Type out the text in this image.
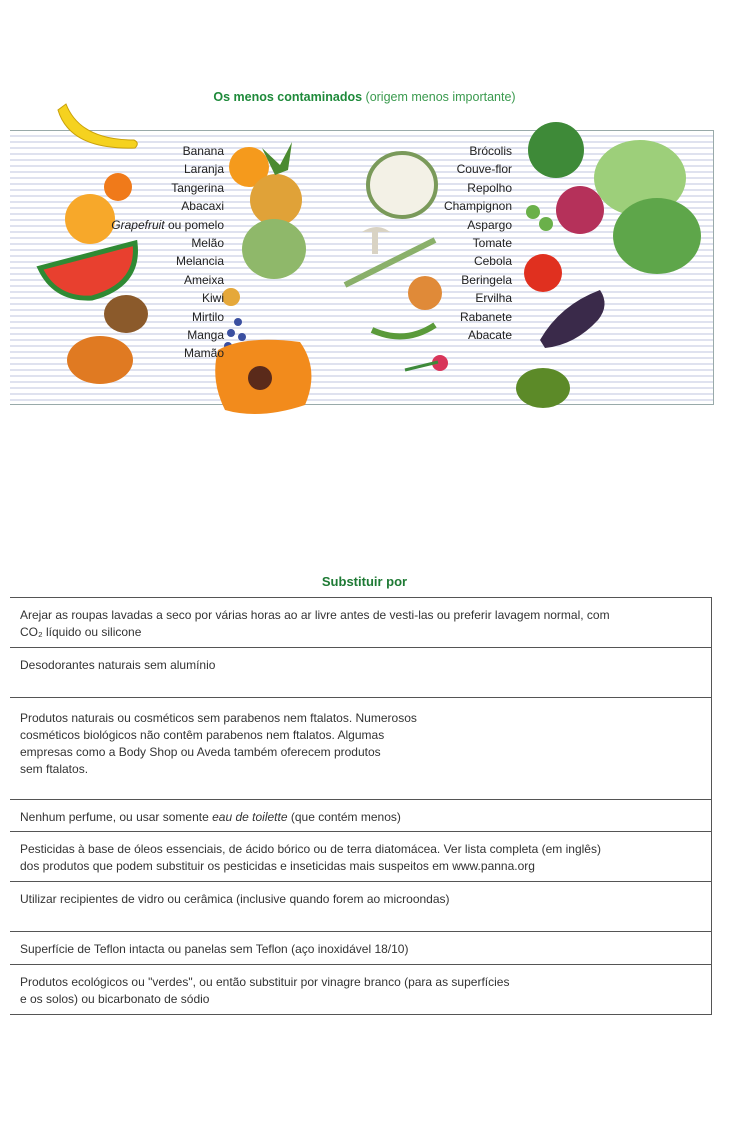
Os menos contaminados (origem menos importante)
Banana
Laranja
Tangerina
Abacaxi
Grapefruit ou pomelo
Melão
Melancia
Ameixa
Kiwi
Mirtilo
Manga
Mamão
Brócolis
Couve-flor
Repolho
Champignon
Aspargo
Tomate
Cebola
Beringela
Ervilha
Rabanete
Abacate
Substituir por
Arejar as roupas lavadas a seco por várias horas ao ar livre antes de vesti-las ou preferir lavagem normal, com
CO₂ líquido ou silicone
Desodorantes naturais sem alumínio
Produtos naturais ou cosméticos sem parabenos nem ftalatos. Numerosos
cosméticos biológicos não contêm parabenos nem ftalatos. Algumas
empresas como a Body Shop ou Aveda também oferecem produtos
sem ftalatos.
Nenhum perfume, ou usar somente eau de toilette (que contém menos)
Pesticidas à base de óleos essenciais, de ácido bórico ou de terra diatomácea. Ver lista completa (em inglês)
dos produtos que podem substituir os pesticidas e inseticidas mais suspeitos em www.panna.org
Utilizar recipientes de vidro ou cerâmica (inclusive quando forem ao microondas)
Superfície de Teflon intacta ou panelas sem Teflon (aço inoxidável 18/10)
Produtos ecológicos ou "verdes", ou então substituir por vinagre branco (para as superfícies
e os solos) ou bicarbonato de sódio
